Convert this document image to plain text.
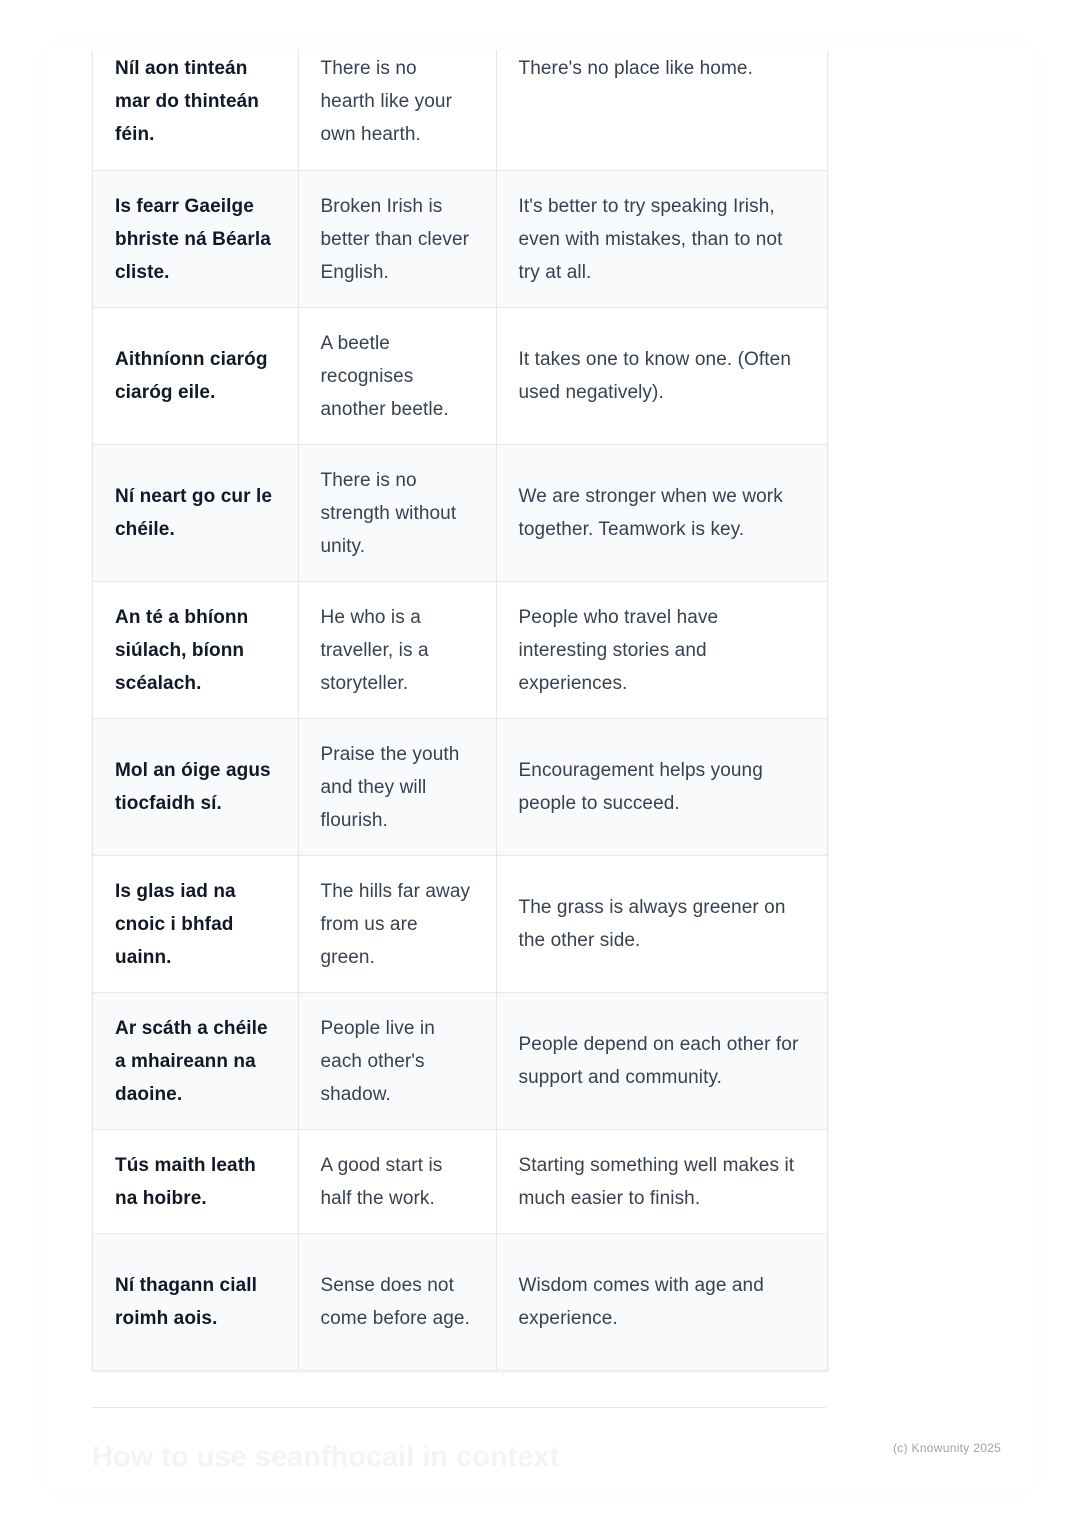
Níl aon tinteán mar do thinteán féin.	There is no hearth like your own hearth.	There's no place like home.
Is fearr Gaeilge bhriste ná Béarla cliste.	Broken Irish is better than clever English.	It's better to try speaking Irish, even with mistakes, than to not try at all.
Aithníonn ciaróg ciaróg eile.	A beetle recognises another beetle.	It takes one to know one. (Often used negatively).
Ní neart go cur le chéile.	There is no strength without unity.	We are stronger when we work together. Teamwork is key.
An té a bhíonn siúlach, bíonn scéalach.	He who is a traveller, is a storyteller.	People who travel have interesting stories and experiences.
Mol an óige agus tiocfaidh sí.	Praise the youth and they will flourish.	Encouragement helps young people to succeed.
Is glas iad na cnoic i bhfad uainn.	The hills far away from us are green.	The grass is always greener on the other side.
Ar scáth a chéile a mhaireann na daoine.	People live in each other's shadow.	People depend on each other for support and community.
Tús maith leath na hoibre.	A good start is half the work.	Starting something well makes it much easier to finish.
Ní thagann ciall roimh aois.	Sense does not come before age.	Wisdom comes with age and experience.
How to use seanfhocail in context	(c) Knowunity 2025
